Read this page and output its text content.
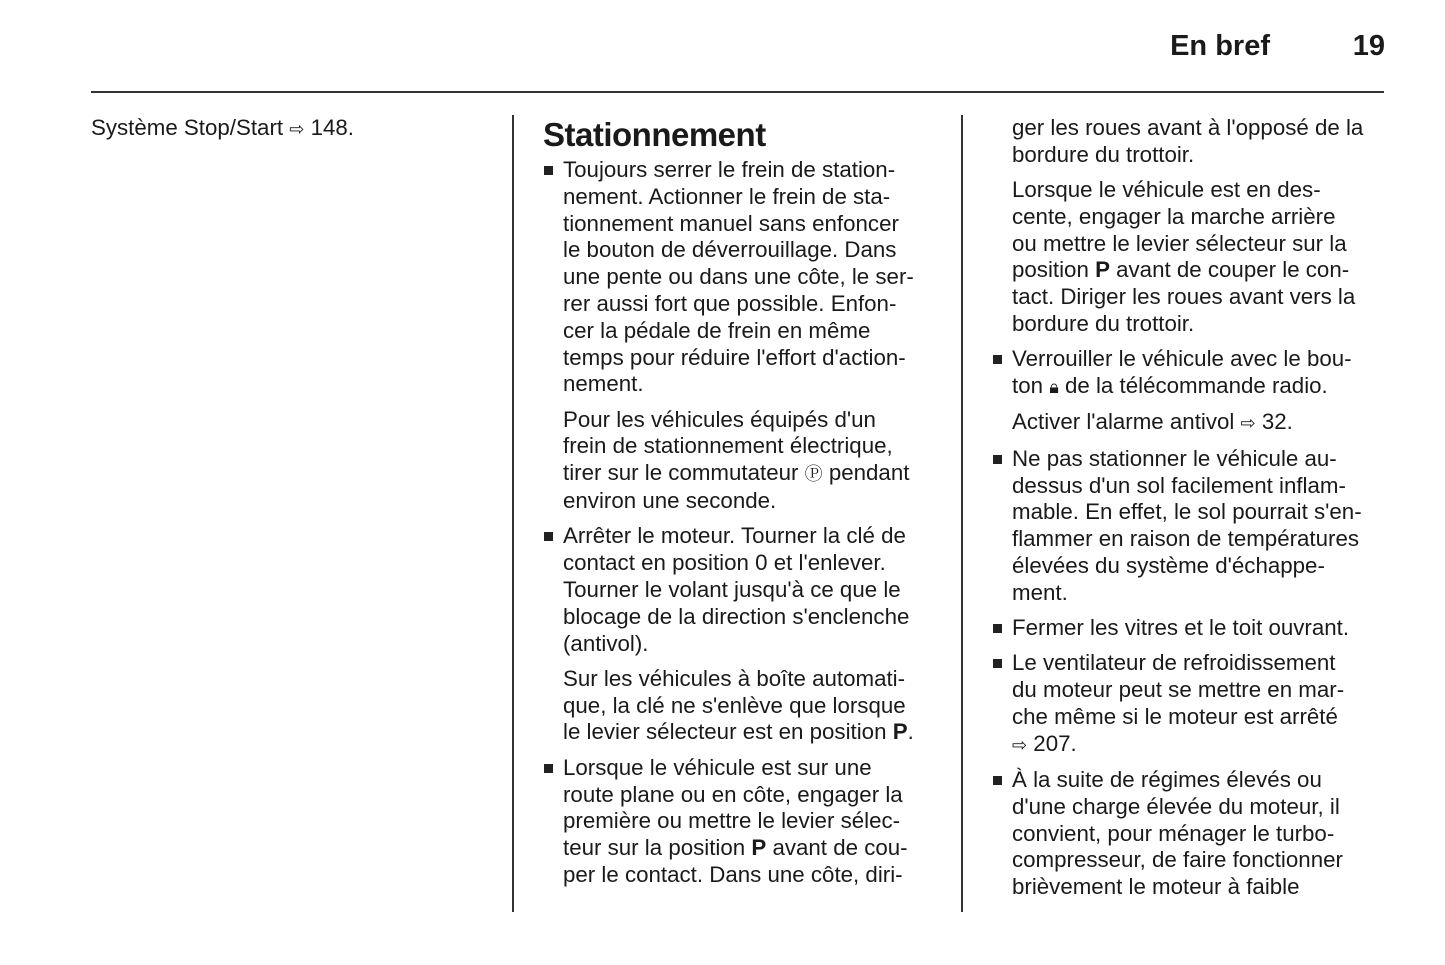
En bref	19
Système Stop/Start ⇨ 148.	Stationnement
Toujours serrer le frein de station-
nement. Actionner le frein de sta-
tionnement manuel sans enfoncer
le bouton de déverrouillage. Dans
une pente ou dans une côte, le ser-
rer aussi fort que possible. Enfon-
cer la pédale de frein en même
temps pour réduire l'effort d'action-
nement.
Pour les véhicules équipés d'un
frein de stationnement électrique,
tirer sur le commutateur Ⓟ pendant
environ une seconde.
Arrêter le moteur. Tourner la clé de
contact en position 0 et l'enlever.
Tourner le volant jusqu'à ce que le
blocage de la direction s'enclenche
(antivol).
Sur les véhicules à boîte automati-
que, la clé ne s'enlève que lorsque
le levier sélecteur est en position P.
Lorsque le véhicule est sur une
route plane ou en côte, engager la
première ou mettre le levier sélec-
teur sur la position P avant de cou-
per le contact. Dans une côte, diri-
ger les roues avant à l'opposé de la
bordure du trottoir.
Lorsque le véhicule est en des-
cente, engager la marche arrière
ou mettre le levier sélecteur sur la
position P avant de couper le con-
tact. Diriger les roues avant vers la
bordure du trottoir.
Verrouiller le véhicule avec le bou-
ton 🔒︎ de la télécommande radio.
Activer l'alarme antivol ⇨ 32.
Ne pas stationner le véhicule au-
dessus d'un sol facilement inflam-
mable. En effet, le sol pourrait s'en-
flammer en raison de températures
élevées du système d'échappe-
ment.
Fermer les vitres et le toit ouvrant.
Le ventilateur de refroidissement
du moteur peut se mettre en mar-
che même si le moteur est arrêté
⇨ 207.
À la suite de régimes élevés ou
d'une charge élevée du moteur, il
convient, pour ménager le turbo-
compresseur, de faire fonctionner
brièvement le moteur à faible
